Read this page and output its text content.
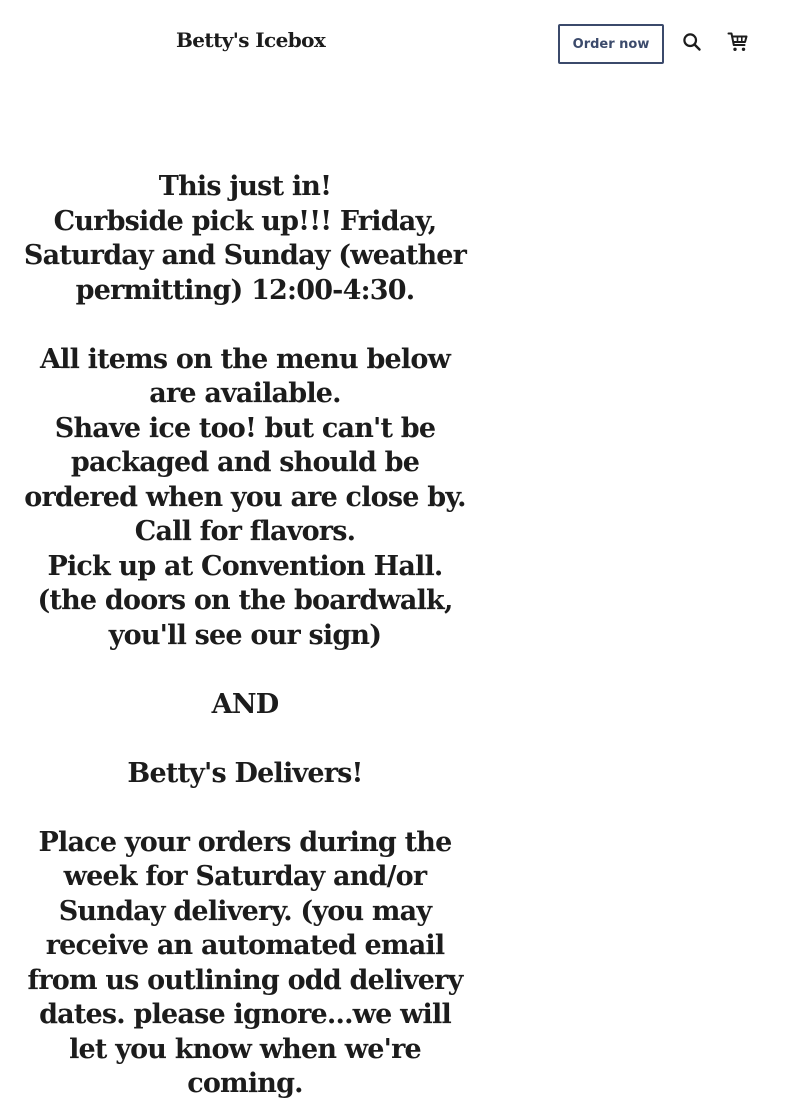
Betty's Icebox	Order now

This just in!

Curbside pick up!!! Friday, Saturday and Sunday (weather permitting) 12:00-4:30.

All items on the menu below are available.

Shave ice too! but can't be packaged and should be ordered when you are close by. Call for flavors.

Pick up at Convention Hall. (the doors on the boardwalk, you'll see our sign)

AND

Betty's Delivers!

Place your orders during the week for Saturday and/or Sunday delivery. (you may receive an automated email from us outlining odd delivery dates. please ignore...we will let you know when we're coming.
